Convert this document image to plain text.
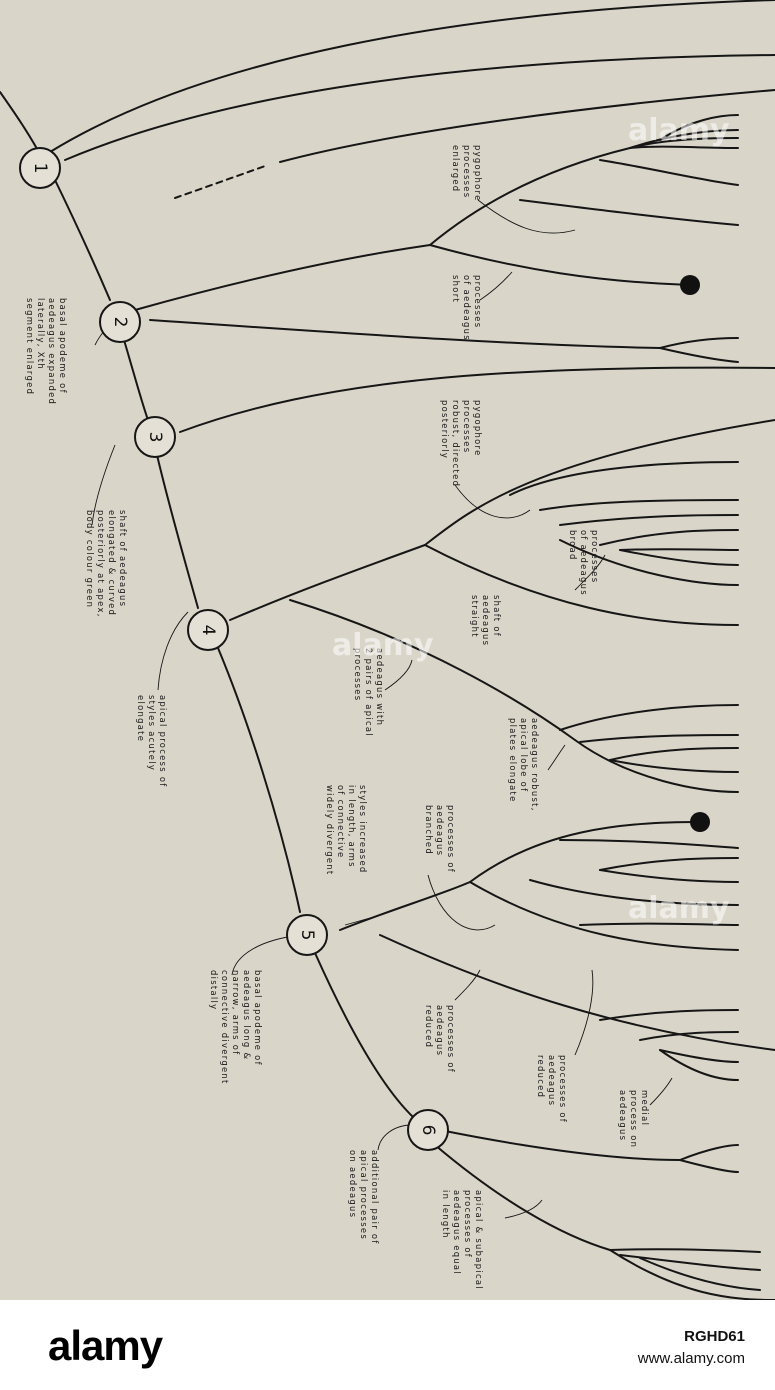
1
2
3
4
5
6
basal apodeme of
aedeagus expanded
laterally, Xth
segment enlarged
shaft of aedeagus
elongated & curved
posteriorly at apex,
body colour green
apical process of
styles acutely
elongate
basal apodeme of
aedeagus long &
narrow, arms of
connective divergent
distally
additional pair of
apical processes
on aedeagus
pygophore
processes
enlarged
processes
of aedeagus
short
pygophore
processes
robust, directed
posteriorly
processes
of aedeagus
broad
shaft of
aedeagus
straight
aedeagus with
2 pairs of apical
processes
aedeagus robust,
apical lobe of
plates elongate
styles increased
in length, arms
of connective
widely divergent	processes of
aedeagus
branched
processes of
aedeagus
reduced
processes of
aedeagus
reduced
medial
process on
aedeagus
apical & subapical
processes of
aedeagus equal
in length
alamy
alamy
alamy
alamy	RGHD61
www.alamy.com
